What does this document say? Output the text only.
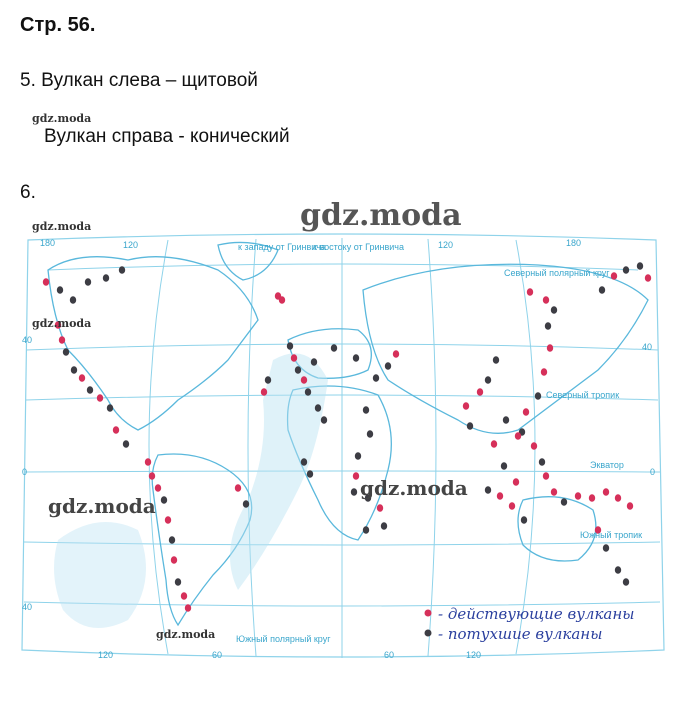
Стр. 56.
5. Вулкан слева – щитовой
gdz.moda
Вулкан справа - конический
6.
180	120	120	180
к западу от Гринвича
к востоку от Гринвича
Северный полярный круг
Северный тропик
Экватор
Южный тропик
Южный полярный круг
40
0
40
40
0
120	60	60	120
- действующие вулканы
- потухшие вулканы
gdz.moda
gdz.moda
gdz.moda
gdz.moda
gdz.moda
gdz.moda
